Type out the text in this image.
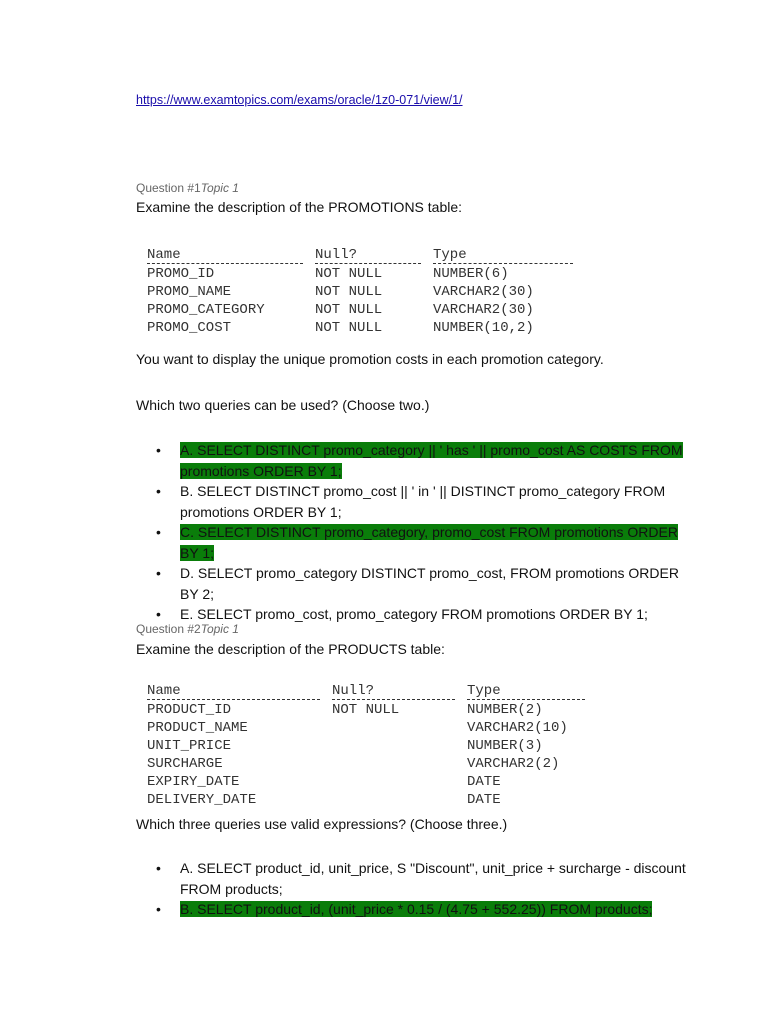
https://www.examtopics.com/exams/oracle/1z0-071/view/1/
Question #1Topic 1
Examine the description of the PROMOTIONS table:
Name	Null?	Type
PROMO_ID	NOT NULL	NUMBER(6)
PROMO_NAME	NOT NULL	VARCHAR2(30)
PROMO_CATEGORY	NOT NULL	VARCHAR2(30)
PROMO_COST	NOT NULL	NUMBER(10,2)
You want to display the unique promotion costs in each promotion category.
Which two queries can be used? (Choose two.)
• A. SELECT DISTINCT promo_category || ' has ' || promo_cost AS COSTS FROM
promotions ORDER BY 1;
• B. SELECT DISTINCT promo_cost || ' in ' || DISTINCT promo_category FROM
promotions ORDER BY 1;
• C. SELECT DISTINCT promo_category, promo_cost FROM promotions ORDER BY 1;
• D. SELECT promo_category DISTINCT promo_cost, FROM promotions ORDER BY 2;
• E. SELECT promo_cost, promo_category FROM promotions ORDER BY 1;
Question #2Topic 1
Examine the description of the PRODUCTS table:
Name	Null?	Type
PRODUCT_ID	NOT NULL	NUMBER(2)
PRODUCT_NAME		VARCHAR2(10)
UNIT_PRICE		NUMBER(3)
SURCHARGE		VARCHAR2(2)
EXPIRY_DATE		DATE
DELIVERY_DATE		DATE
Which three queries use valid expressions? (Choose three.)
• A. SELECT product_id, unit_price, S "Discount", unit_price + surcharge - discount
FROM products;
• B. SELECT product_id, (unit_price * 0.15 / (4.75 + 552.25)) FROM products;
